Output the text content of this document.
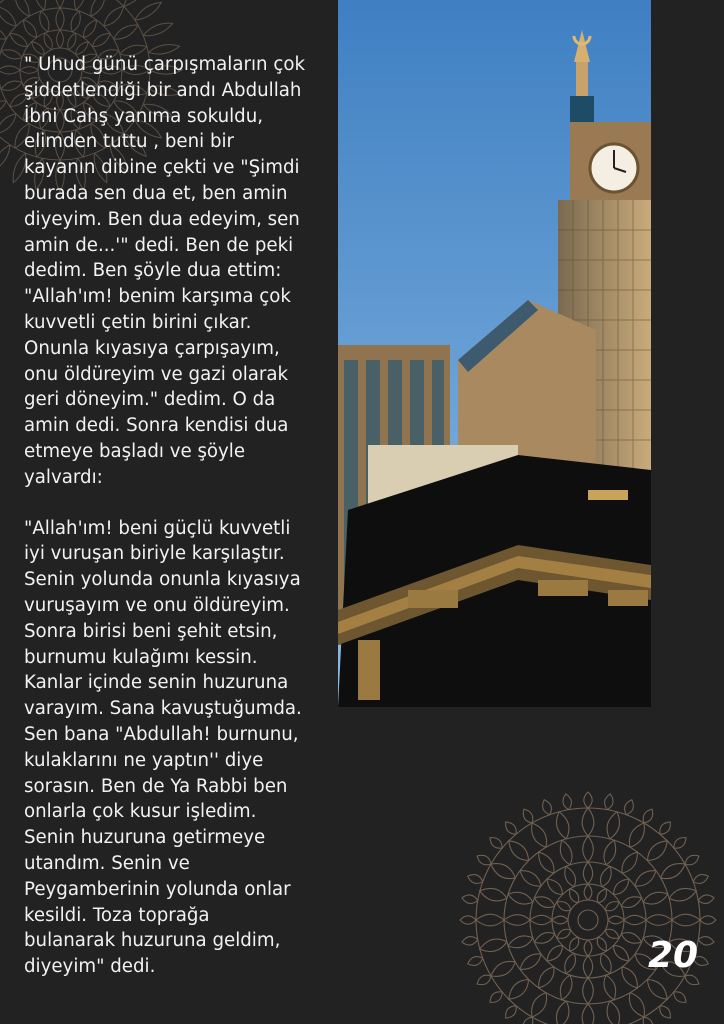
" Uhud günü çarpışmaların çok
şiddetlendiği bir andı Abdullah
İbni Cahş yanıma sokuldu,
elimden tuttu , beni bir
kayanın dibine çekti ve "Şimdi
burada sen dua et, ben amin
diyeyim. Ben dua edeyim, sen
amin de...'" dedi. Ben de peki
dedim. Ben şöyle dua ettim:
"Allah'ım! benim karşıma çok
kuvvetli çetin birini çıkar.
Onunla kıyasıya çarpışayım,
onu öldüreyim ve gazi olarak
geri döneyim." dedim. O da
amin dedi. Sonra kendisi dua
etmeye başladı ve şöyle
yalvardı:

"Allah'ım! beni güçlü kuvvetli
iyi vuruşan biriyle karşılaştır.
Senin yolunda onunla kıyasıya
vuruşayım ve onu öldüreyim.
Sonra birisi beni şehit etsin,
burnumu kulağımı kessin.
Kanlar içinde senin huzuruna
varayım. Sana kavuştuğumda.
Sen bana "Abdullah! burnunu,
kulaklarını ne yaptın'' diye
sorasın. Ben de Ya Rabbi ben
onlarla çok kusur işledim.
Senin huzuruna getirmeye
utandım. Senin ve
Peygamberinin yolunda onlar
kesildi. Toza toprağa
bulanarak huzuruna geldim,
diyeyim" dedi.	20
